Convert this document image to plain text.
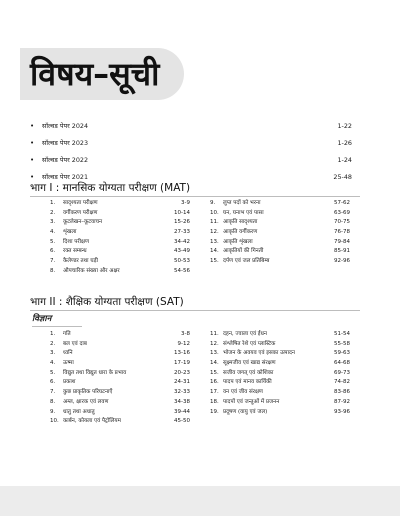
विषय–सूची
• सॉल्वड पेपर 2024	1-22
• सॉल्वड पेपर 2023	1-26
• सॉल्वड पेपर 2022	1-24
• सॉल्वड पेपर 2021	25-48
भाग I : मानसिक योग्यता परीक्षण (MAT)
1. सादृश्यता परीक्षण	3-9
2. वर्गीकरण परीक्षण	10-14
3. कूटलेखन–कूटवाचन	15-26
4. शृंखला	27-33
5. दिशा परीक्षण	34-42
6. रक्त सम्बन्ध	43-49
7. कैलेण्डर तथा घड़ी	50-53
8. औपचारिक संख्या और अक्षर	54-56
9. लुप्त पदों को भरना	57-62
10. घन, घनाभ एवं पासा	63-69
11. आकृति सादृश्यता	70-75
12. आकृति वर्गीकरण	76-78
13. आकृति शृंखला	79-84
14. आकृतियों की गिनती	85-91
15. दर्पण एवं जल प्रतिबिम्ब	92-96
भाग II : शैक्षिक योग्यता परीक्षण (SAT)
विज्ञान
1. गति	3-8
2. बल एवं दाब	9-12
3. ध्वनि	13-16
4. ऊष्मा	17-19
5. विद्युत तथा विद्युत धारा के प्रभाव	20-23
6. प्रकाश	24-31
7. कुछ प्राकृतिक परिघटनाएँ	32-33
8. अम्ल, क्षारक एवं लवण	34-38
9. धातु तथा अधातु	39-44
10. कार्बन, कोयला एवं पैट्रोलियम	45-50
11. दहन, ज्वाला एवं ईंधन	51-54
12. संश्लेषित रेशे एवं प्लास्टिक	55-58
13. भोजन के अवयव एवं इसका उत्पादन	59-63
14. सूक्ष्मजीव एवं खाद्य संरक्षण	64-68
15. सजीव जगत् एवं कोशिका	69-73
16. पादप एवं मानव कार्यिकी	74-82
17. वन एवं जीव संरक्षण	83-86
18. पादपों एवं जन्तुओं में प्रजनन	87-92
19. प्रदूषण (वायु एवं जल)	93-96
